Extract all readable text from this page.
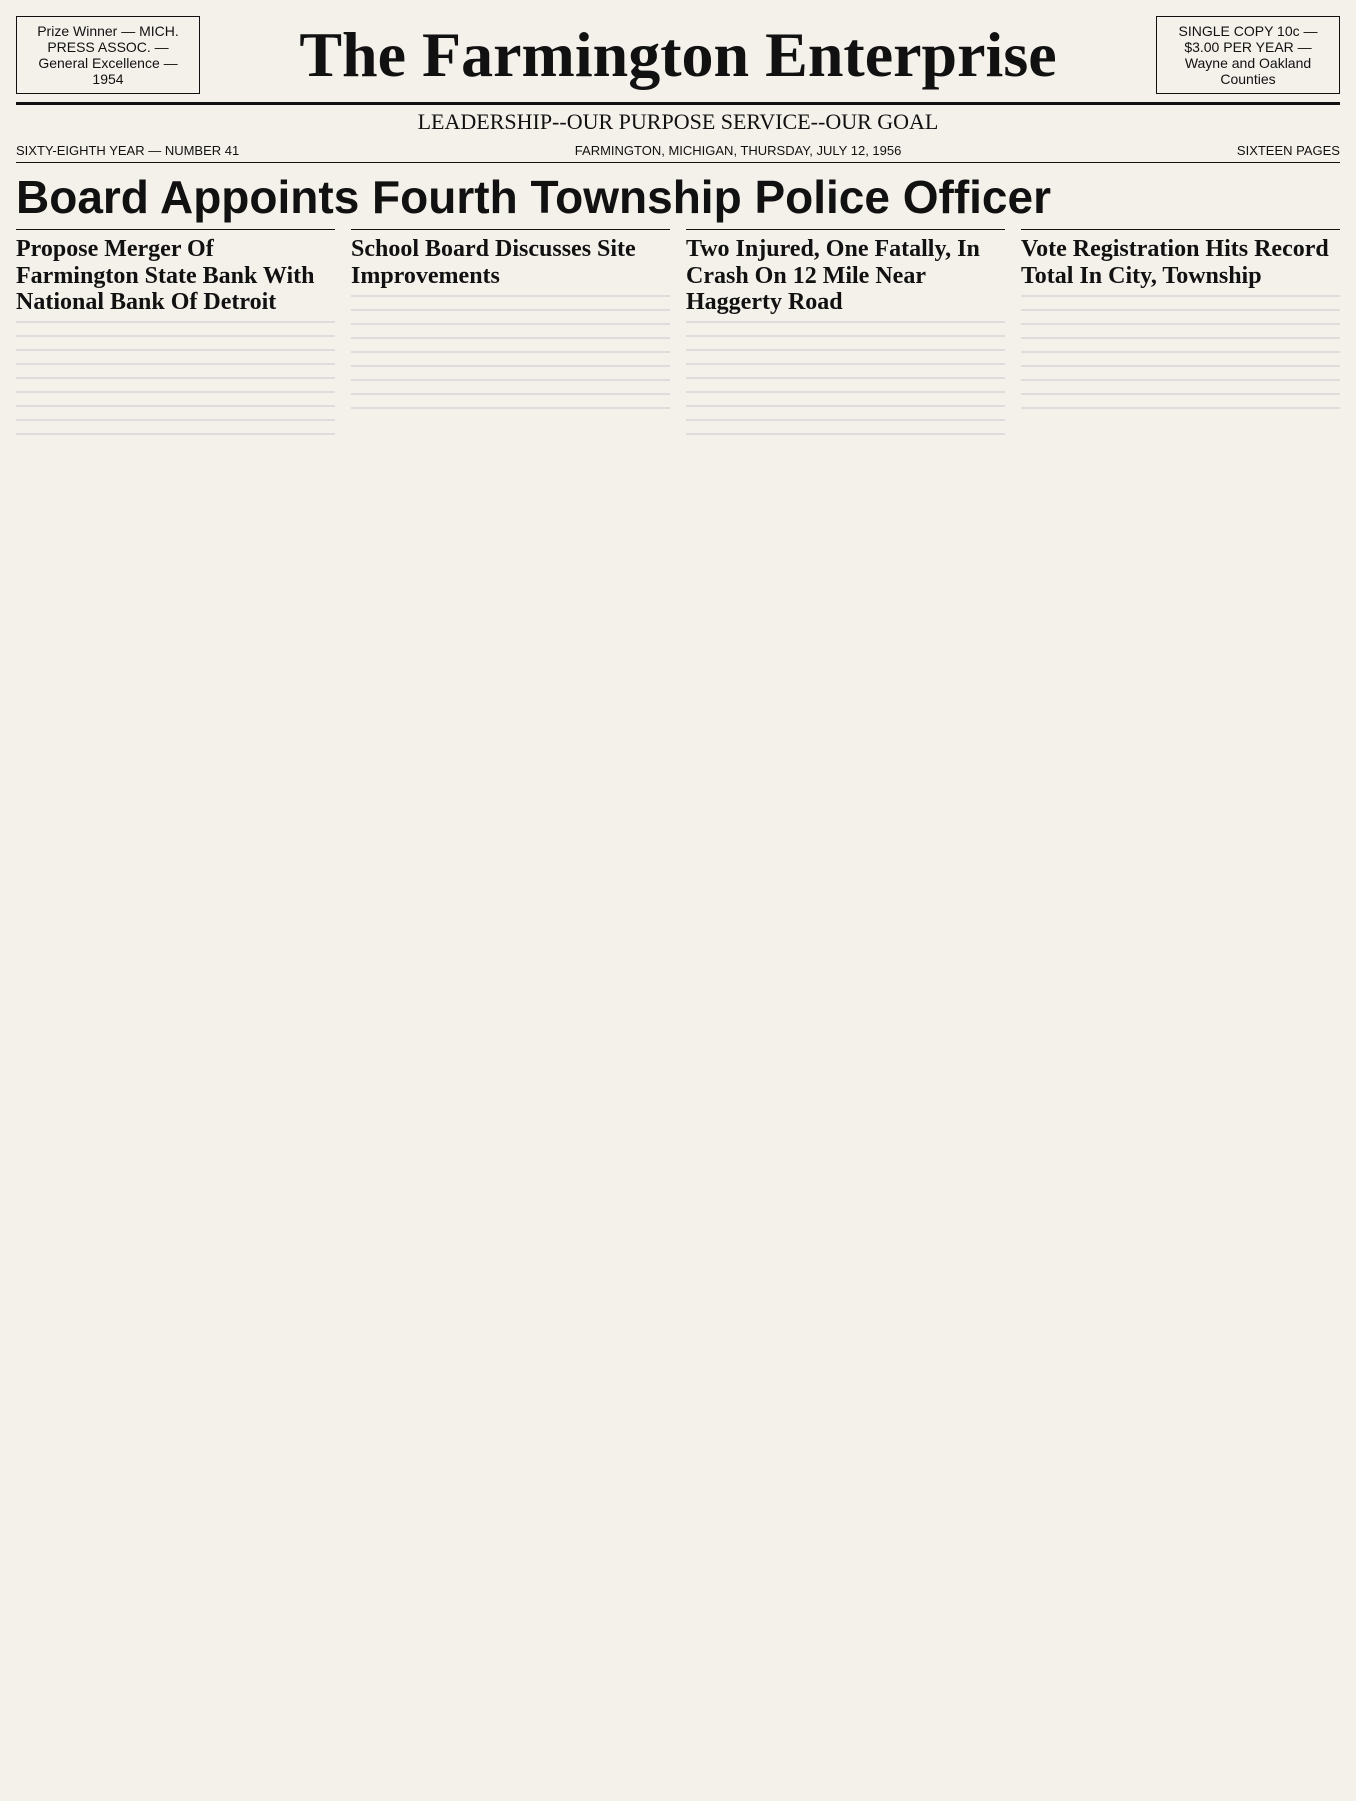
Prize Winner — MICH. PRESS ASSOC. — General Excellence — 1954	The Farmington Enterprise	SINGLE COPY 10c — $3.00 PER YEAR — Wayne and Oakland Counties
LEADERSHIP--OUR PURPOSE SERVICE--OUR GOAL
SIXTY-EIGHTH YEAR — NUMBER 41	FARMINGTON, MICHIGAN, THURSDAY, JULY 12, 1956	SIXTEEN PAGES
Board Appoints Fourth Township Police Officer
Propose Merger Of Farmington State Bank With National Bank Of Detroit
School Board Discusses Site Improvements
Two Injured, One Fatally, In Crash On 12 Mile Near Haggerty Road
Vote Registration Hits Record Total In City, Township
